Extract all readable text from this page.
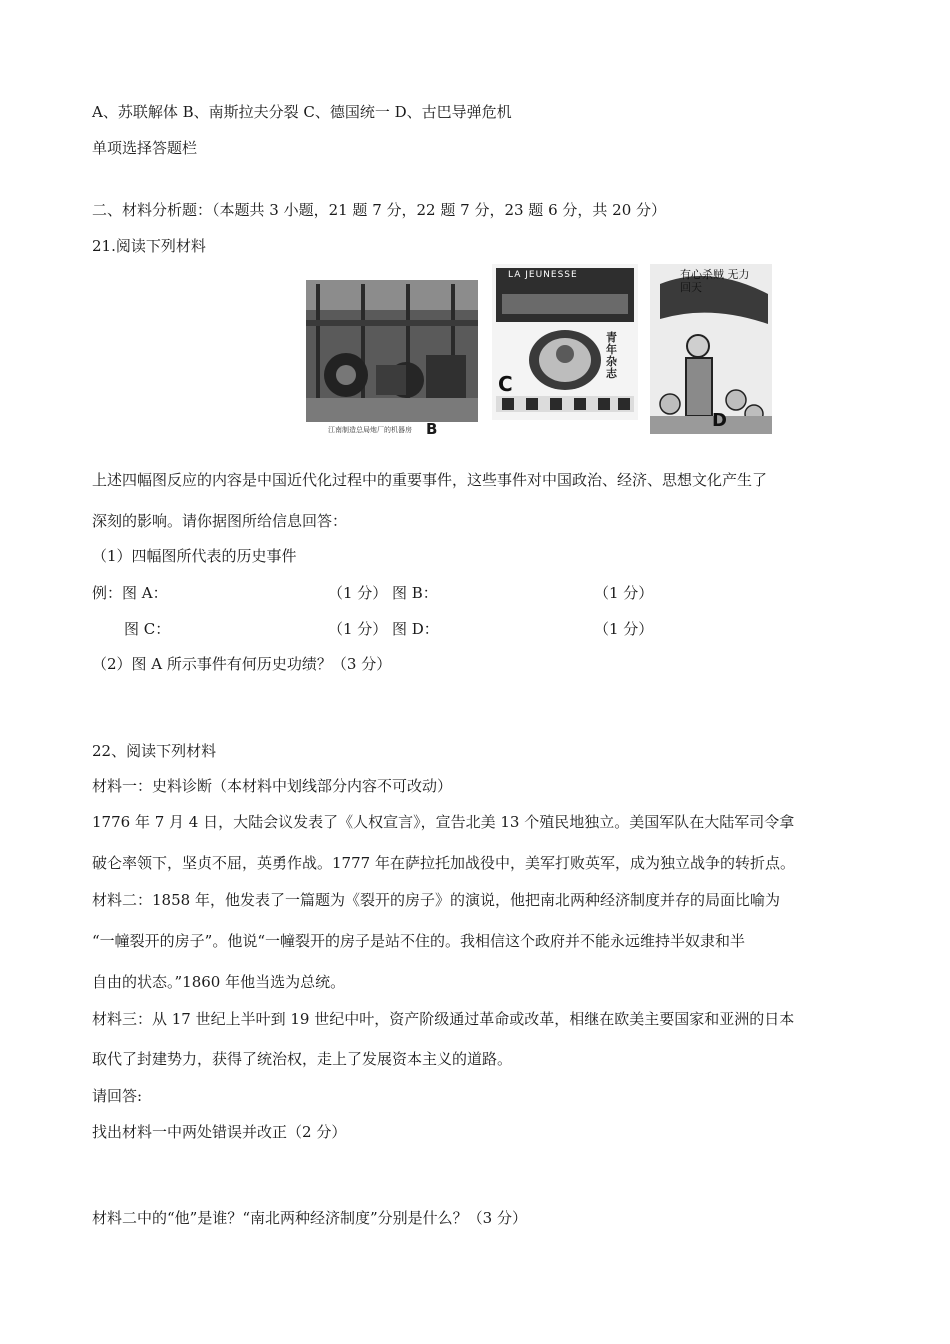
A、苏联解体 B、南斯拉夫分裂 C、德国统一 D、古巴导弹危机
单项选择答题栏
二、材料分析题：（本题共 3 小题，21 题 7 分，22 题 7 分，23 题 6 分，共 20 分）
21.阅读下列材料
江南制造总局炮厂的机器房 B
LA JEUNESSE
青年杂志
C
有心杀贼 无力回天
D
上述四幅图反应的内容是中国近代化过程中的重要事件，这些事件对中国政治、经济、思想文化产生了
深刻的影响。请你据图所给信息回答：
（1）四幅图所代表的历史事件
例：图 A：	（1 分） 图 B：	（1 分）
图 C：	（1 分） 图 D：	（1 分）
（2）图 A 所示事件有何历史功绩？（3 分）
22、阅读下列材料
材料一：史料诊断（本材料中划线部分内容不可改动）
1776 年 7 月 4 日，大陆会议发表了《人权宣言》，宣告北美 13 个殖民地独立。美国军队在大陆军司令拿
破仑率领下，坚贞不屈，英勇作战。1777 年在萨拉托加战役中，美军打败英军，成为独立战争的转折点。
材料二：1858 年，他发表了一篇题为《裂开的房子》的演说，他把南北两种经济制度并存的局面比喻为
“一幢裂开的房子”。他说“一幢裂开的房子是站不住的。我相信这个政府并不能永远维持半奴隶和半
自由的状态。”1860 年他当选为总统。
材料三：从 17 世纪上半叶到 19 世纪中叶，资产阶级通过革命或改革，相继在欧美主要国家和亚洲的日本
取代了封建势力，获得了统治权，走上了发展资本主义的道路。
请回答:
找出材料一中两处错误并改正（2 分）
材料二中的“他”是谁？“南北两种经济制度”分别是什么？（3 分）
